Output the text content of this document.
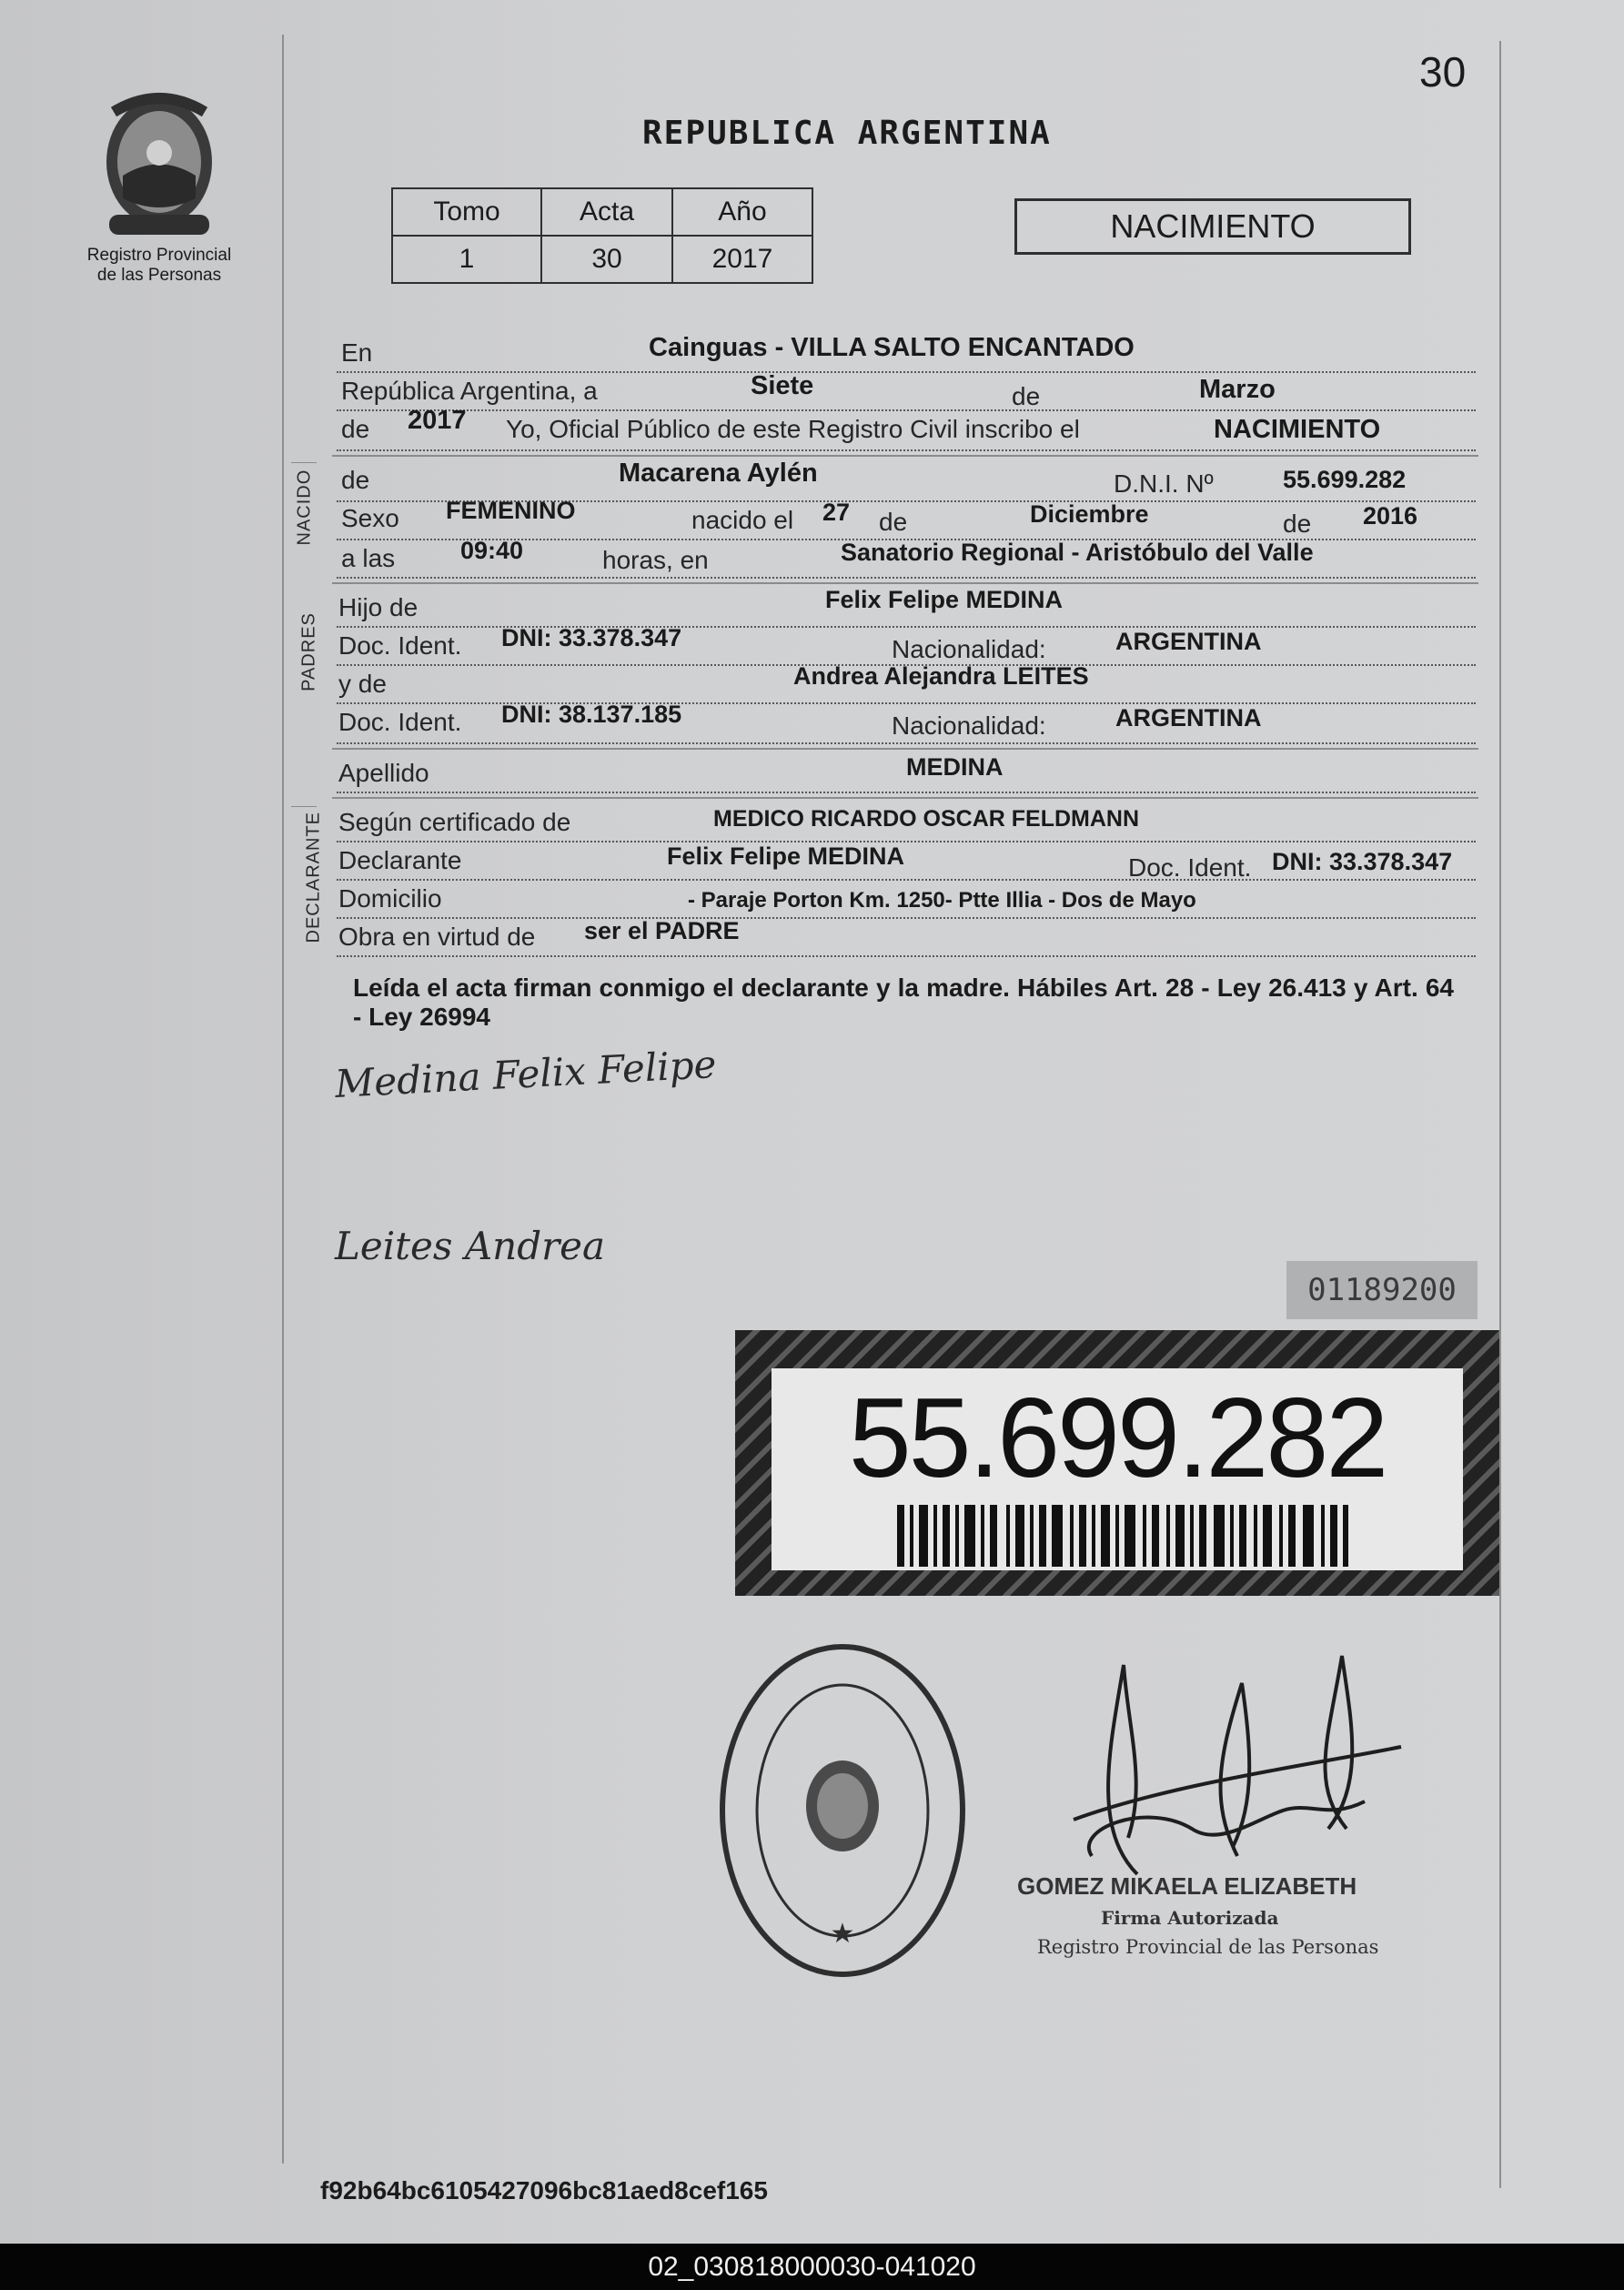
30
Registro Provincial
de las Personas
REPUBLICA ARGENTINA
Tomo	Acta	Año
1	30	2017
NACIMIENTO
NACIDO
PADRES
DECLARANTE
En	Cainguas - VILLA SALTO ENCANTADO
República Argentina, a	Siete	de	Marzo
de 2017 Yo, Oficial Público de este Registro Civil inscribo el	NACIMIENTO
de	Macarena Aylén	D.N.I. Nº	55.699.282
Sexo FEMENINO	nacido el 27 de	Diciembre	de 2016
a las	09:40	horas, en	Sanatorio Regional - Aristóbulo del Valle
Hijo de	Felix Felipe MEDINA
Doc. Ident. DNI: 33.378.347	Nacionalidad:	ARGENTINA
y de	Andrea Alejandra LEITES
Doc. Ident. DNI: 38.137.185	Nacionalidad:	ARGENTINA
Apellido	MEDINA
Según certificado de	MEDICO RICARDO OSCAR FELDMANN
Declarante	Felix Felipe MEDINA	Doc. Ident. DNI: 33.378.347
Domicilio	- Paraje Porton Km. 1250- Ptte Illia - Dos de Mayo
Obra en virtud de ser el PADRE
Leída el acta firman conmigo el declarante y la madre. Hábiles Art. 28 - Ley 26.413 y Art. 64 - Ley 26994
Medina Felix Felipe
Leites Andrea
01189200
55.699.282
★
GOMEZ MIKAELA ELIZABETH
Firma Autorizada
Registro Provincial de las Personas
f92b64bc6105427096bc81aed8cef165
02_030818000030-041020
